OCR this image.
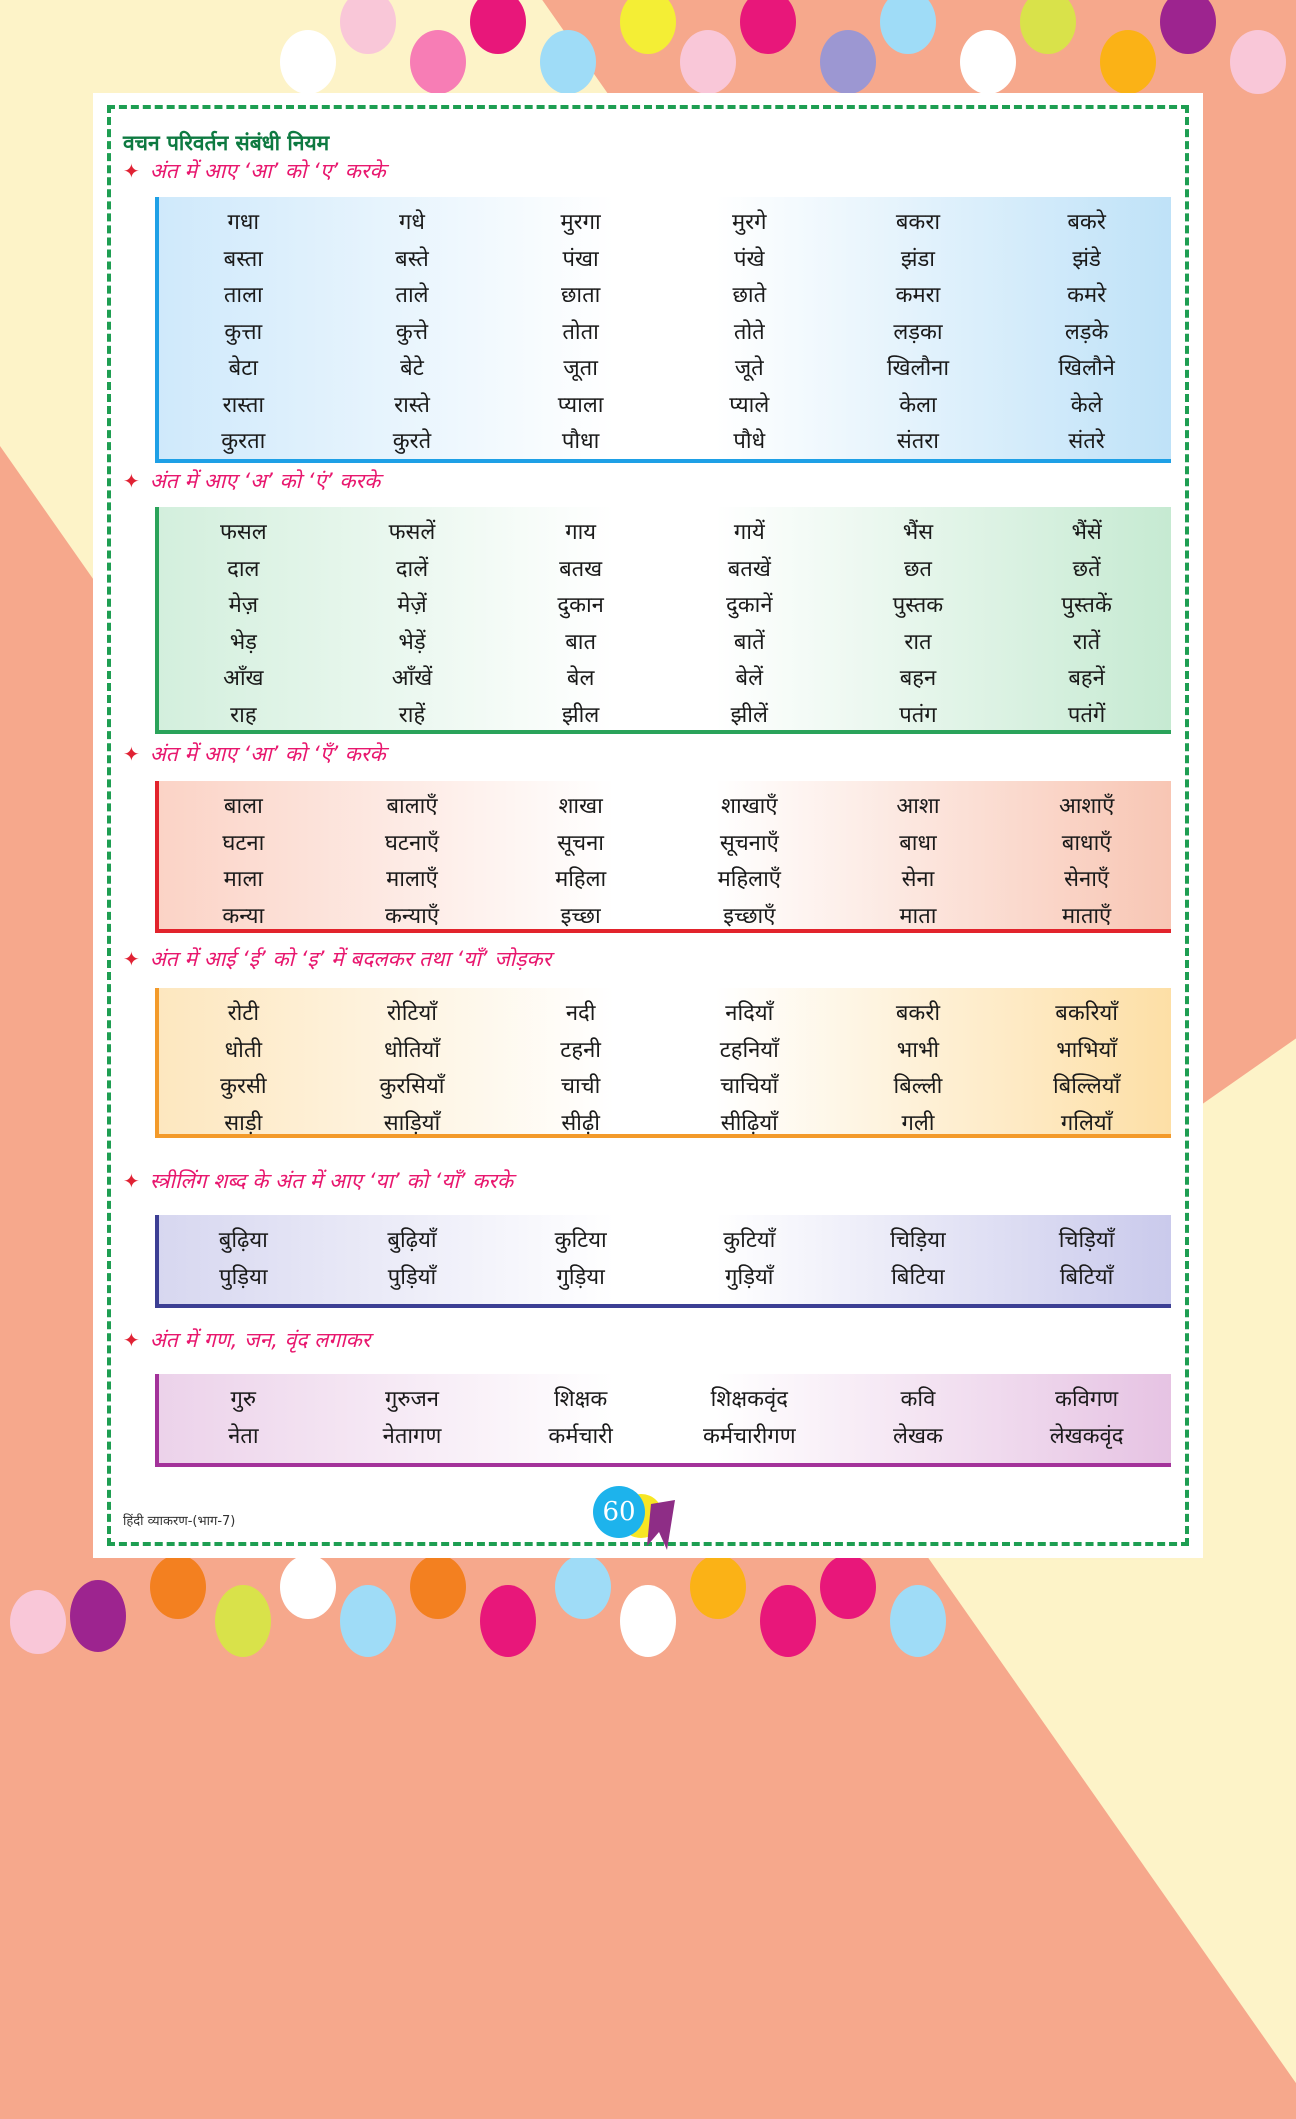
वचन परिवर्तन संबंधी नियम
✦ अंत में आए ‘आ’ को ‘ए’ करके
गधा	गधे	मुरगा	मुरगे	बकरा	बकरे
बस्ता	बस्ते	पंखा	पंखे	झंडा	झंडे
ताला	ताले	छाता	छाते	कमरा	कमरे
कुत्ता	कुत्ते	तोता	तोते	लड़का	लड़के
बेटा	बेटे	जूता	जूते	खिलौना	खिलौने
रास्ता	रास्ते	प्याला	प्याले	केला	केले
कुरता	कुरते	पौधा	पौधे	संतरा	संतरे
✦ अंत में आए ‘अ’ को ‘एं’ करके
फसल	फसलें	गाय	गायें	भैंस	भैंसें
दाल	दालें	बतख	बतखें	छत	छतें
मेज़	मेज़ें	दुकान	दुकानें	पुस्तक	पुस्तकें
भेड़	भेड़ें	बात	बातें	रात	रातें
आँख	आँखें	बेल	बेलें	बहन	बहनें
राह	राहें	झील	झीलें	पतंग	पतंगें
✦ अंत में आए ‘आ’ को ‘एँ’ करके
बाला	बालाएँ	शाखा	शाखाएँ	आशा	आशाएँ
घटना	घटनाएँ	सूचना	सूचनाएँ	बाधा	बाधाएँ
माला	मालाएँ	महिला	महिलाएँ	सेना	सेनाएँ
कन्या	कन्याएँ	इच्छा	इच्छाएँ	माता	माताएँ
✦ अंत में आई ‘ई’ को ‘इ’ में बदलकर तथा ‘याँ’ जोड़कर
रोटी	रोटियाँ	नदी	नदियाँ	बकरी	बकरियाँ
धोती	धोतियाँ	टहनी	टहनियाँ	भाभी	भाभियाँ
कुरसी	कुरसियाँ	चाची	चाचियाँ	बिल्ली	बिल्लियाँ
साड़ी	साड़ियाँ	सीढ़ी	सीढ़ियाँ	गली	गलियाँ
✦ स्त्रीलिंग शब्द के अंत में आए ‘या’ को ‘याँ’ करके
बुढ़िया	बुढ़ियाँ	कुटिया	कुटियाँ	चिड़िया	चिड़ियाँ
पुड़िया	पुड़ियाँ	गुड़िया	गुड़ियाँ	बिटिया	बिटियाँ
✦ अंत में गण, जन, वृंद लगाकर
गुरु	गुरुजन	शिक्षक	शिक्षकवृंद	कवि	कविगण
नेता	नेतागण	कर्मचारी	कर्मचारीगण	लेखक	लेखकवृंद
हिंदी व्याकरण-(भाग-7)	60
